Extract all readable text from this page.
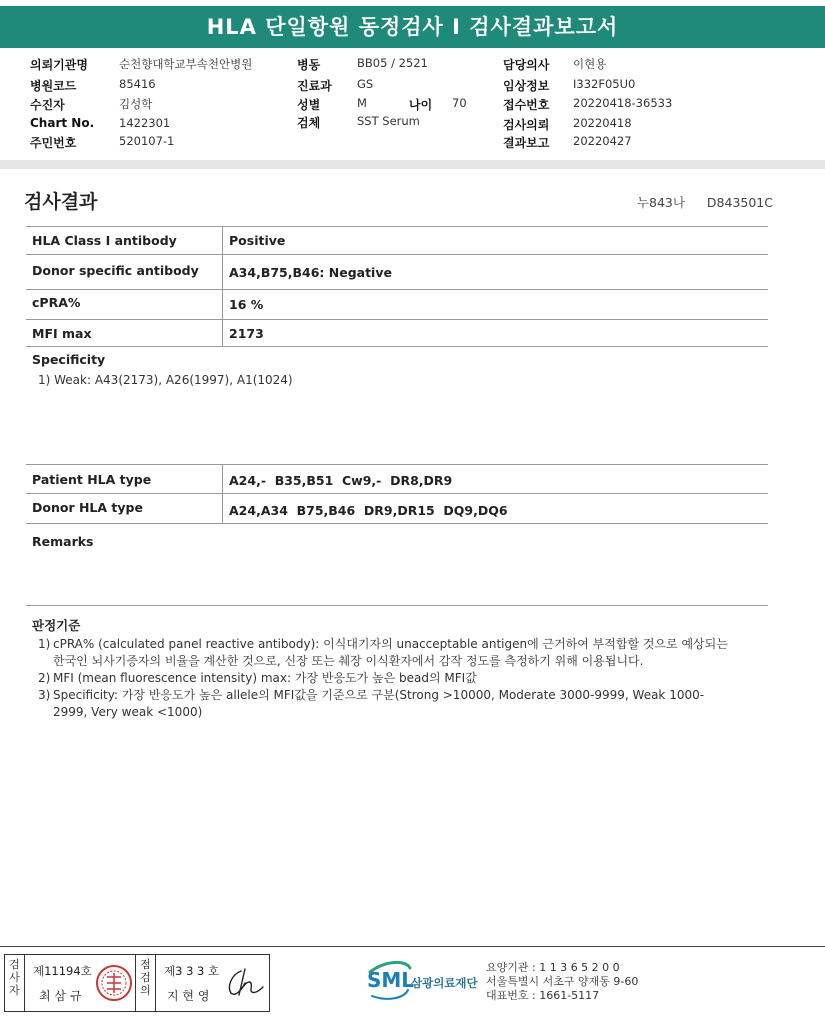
HLA 단일항원 동정검사 I 검사결과보고서
의뢰기관명	순천향대학교부속천안병원
병원코드	85416
수진자	김성학
Chart No. 1422301
주민번호	520107-1
병동	BB05 / 2521
진료과 GS
성별	M	나이 70
검체	SST Serum
담당의사 이현용
임상정보 I332F05U0
접수번호 20220418-36533
검사의뢰 20220418
결과보고 20220427
검사결과	누843나 D843501C
HLA Class I antibody	Positive
Donor specific antibody	A34,B75,B46: Negative
cPRA%	16 %
MFI max	2173
Specificity
1) Weak: A43(2173), A26(1997), A1(1024)
Patient HLA type	A24,-  B35,B51  Cw9,-  DR8,DR9
Donor HLA type	A24,A34  B75,B46  DR9,DR15  DQ9,DQ6
Remarks
판정기준
1) cPRA% (calculated panel reactive antibody): 이식대기자의 unacceptable antigen에 근거하여 부적합할 것으로 예상되는 한국인 뇌사기증자의 비율을 계산한 것으로, 신장 또는 췌장 이식환자에서 감작 정도를 측정하기 위해 이용됩니다.
2) MFI (mean fluorescence intensity) max: 가장 반응도가 높은 bead의 MFI값
3) Specificity: 가장 반응도가 높은 allele의 MFI값을 기준으로 구분(Strong >10000, Moderate 3000-9999, Weak 1000-2999, Very weak <1000)
검사자
제11194호
최 삼 규
점검의
제3 3 3 호
지 현 영
SML
삼광의료재단
요양기관 : 1 1 3 6 5 2 0 0
서울특별시 서초구 양재동 9-60
대표번호 : 1661-5117
